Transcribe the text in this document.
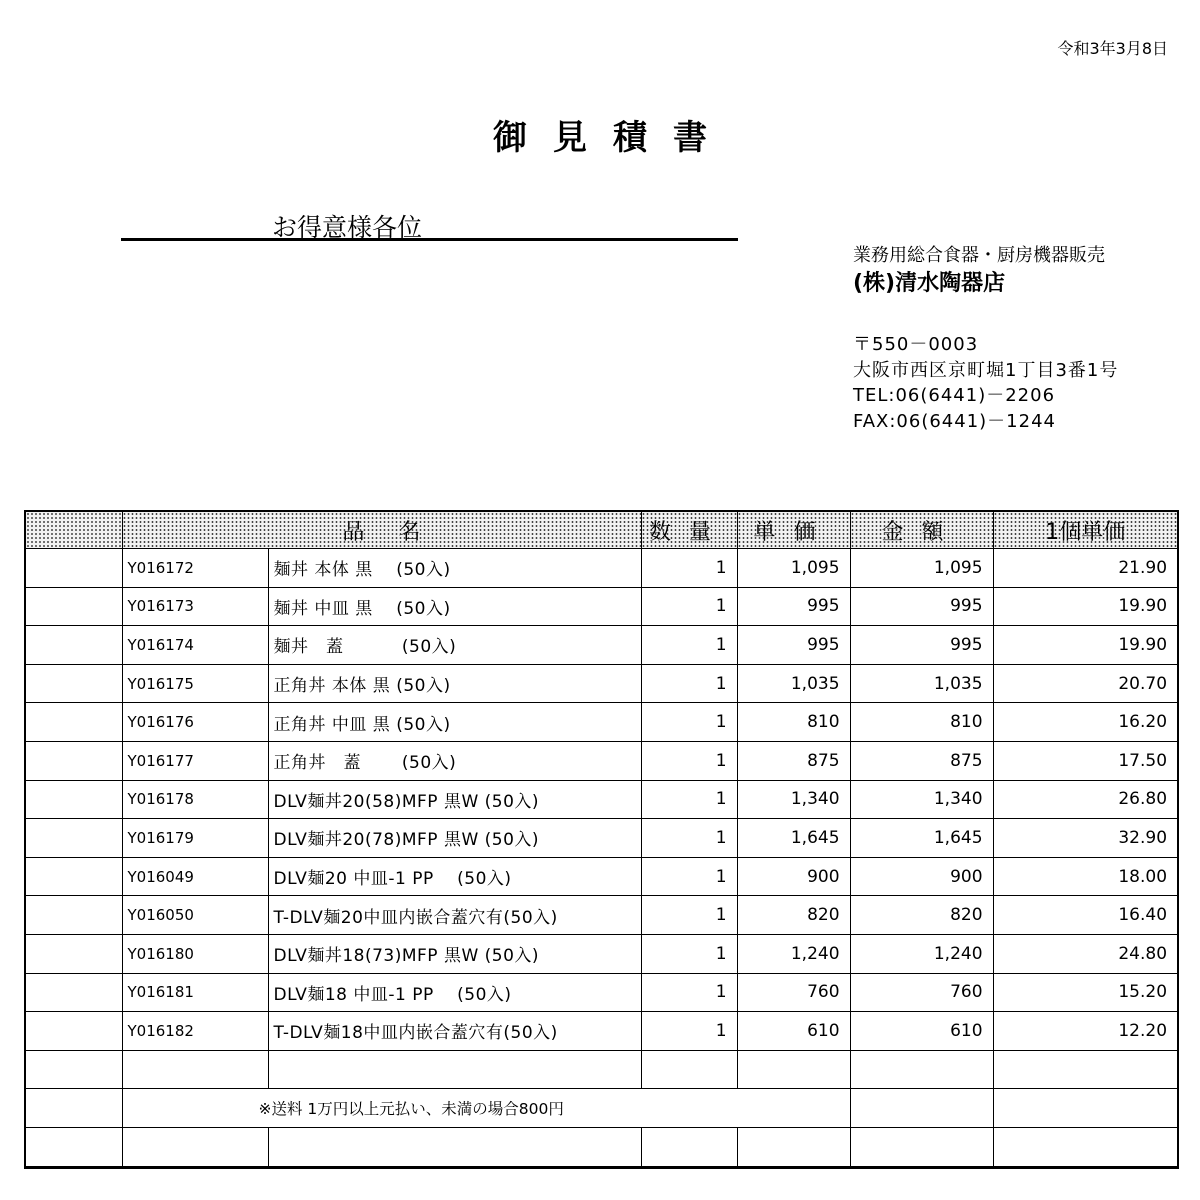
令和3年3月8日
御見積書
お得意様各位
業務用総合食器・厨房機器販売
(株)清水陶器店
〒550－0003
大阪市西区京町堀1丁目3番1号
TEL:06(6441)－2206
FAX:06(6441)－1244
	品名		数量	単価	金額	1個単価
	Y016172	麺丼 本体 黒　 (50入)	1	1,095	1,095	21.90
	Y016173	麺丼 中皿 黒　 (50入)	1	995	995	19.90
	Y016174	麺丼　蓋　　　 (50入)	1	995	995	19.90
	Y016175	正角丼 本体 黒 (50入)	1	1,035	1,035	20.70
	Y016176	正角丼 中皿 黒 (50入)	1	810	810	16.20
	Y016177	正角丼　蓋　　 (50入)	1	875	875	17.50
	Y016178	DLV麺丼20(58)MFP 黒W (50入)	1	1,340	1,340	26.80
	Y016179	DLV麺丼20(78)MFP 黒W (50入)	1	1,645	1,645	32.90
	Y016049	DLV麺20 中皿-1 PP　 (50入)	1	900	900	18.00
	Y016050	T-DLV麺20中皿内嵌合蓋穴有(50入)	1	820	820	16.40
	Y016180	DLV麺丼18(73)MFP 黒W (50入)	1	1,240	1,240	24.80
	Y016181	DLV麺18 中皿-1 PP　 (50入)	1	760	760	15.20
	Y016182	T-DLV麺18中皿内嵌合蓋穴有(50入)	1	610	610	12.20

	※送料 1万円以上元払い、未満の場合800円					
